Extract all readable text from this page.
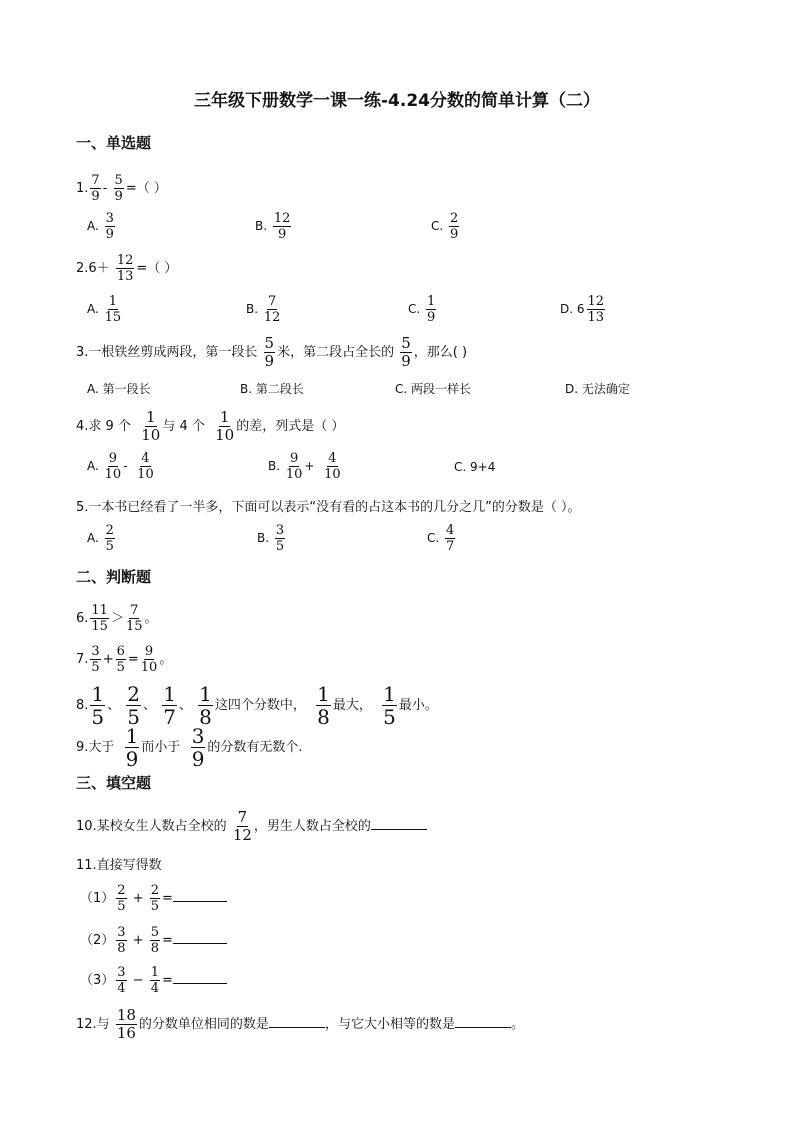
三年级下册数学一课一练-4.24分数的简单计算（二）
一、单选题
1. $\frac{7}{9} - \frac{5}{9}$ =（ ）
A. $\frac{3}{9}$	B. $\frac{12}{9}$	C. $\frac{2}{9}$
$2.6+ \frac{12}{13}$ =（ ）
A. $\frac{1}{15}$	B. $\frac{7}{12}$	C. $\frac{1}{9}$	D. $6 \frac{12}{13}$
3.一根铁丝剪成两段，第一段长 $\frac{5}{9}$ 米，第二段占全长的 $\frac{5}{9}$ ，那么( )
A. 第一段长	B. 第二段长	C. 两段一样长	D. 无法确定
4.求 9 个 $\frac{1}{10}$ 与 4 个 $\frac{1}{10}$ 的差，列式是（ ）
A. $\frac{9}{10} - \frac{4}{10}$	B. $\frac{9}{10} + \frac{4}{10}$	C. 9+4
5.一本书已经看了一半多，下面可以表示“没有看的占这本书的几分之几”的分数是（ ）。
A. $\frac{2}{5}$	B. $\frac{3}{5}$	C. $\frac{4}{7}$
二、判断题
6. $\frac{11}{15} > \frac{7}{15}$ 。
7. $\frac{3}{5} + \frac{6}{5} = \frac{9}{10}$ 。
8. $\frac{1}{5}$ 、 $\frac{2}{5}$ 、 $\frac{1}{7}$ 、 $\frac{1}{8}$ 这四个分数中， $\frac{1}{8}$ 最大， $\frac{1}{5}$ 最小。
9.大于 $\frac{1}{9}$ 而小于 $\frac{3}{9}$ 的分数有无数个.
三、填空题
10.某校女生人数占全校的 $\frac{7}{12}$ ，男生人数占全校的
11.直接写得数
$(1) \frac{2}{5} + \frac{2}{5}$ =
$(2) \frac{3}{8} + \frac{5}{8}$ =
$(3) \frac{3}{4} - \frac{1}{4}$ =
12.与 $\frac{18}{16}$ 的分数单位相同的数是	，与它大小相等的数是	。
